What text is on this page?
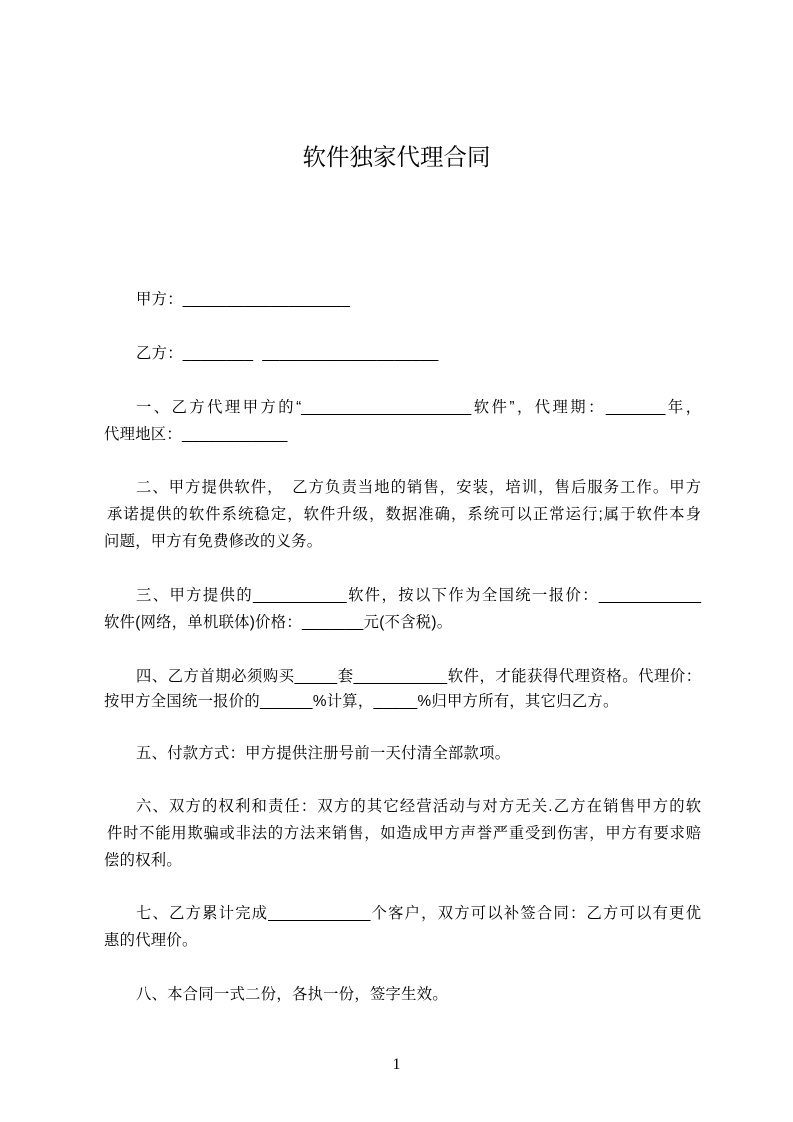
软件独家代理合同
甲方：___________________
乙方：________  ____________________
一、乙方代理甲方的“____________________软件”，代理期：_______年，
代理地区：____________
二、甲方提供软件，　乙方负责当地的销售，安装，培训，售后服务工作。甲方
承诺提供的软件系统稳定，软件升级，数据准确，系统可以正常运行;属于软件本身
问题，甲方有免费修改的义务。
三、甲方提供的___________软件，按以下作为全国统一报价：____________
软件(网络，单机联体)价格：_______元(不含税)。
四、乙方首期必须购买_____套___________软件，才能获得代理资格。代理价：
按甲方全国统一报价的______%计算，_____%归甲方所有，其它归乙方。
五、付款方式：甲方提供注册号前一天付清全部款项。
六、双方的权利和责任：双方的其它经营活动与对方无关.乙方在销售甲方的软
件时不能用欺骗或非法的方法来销售，如造成甲方声誉严重受到伤害，甲方有要求赔
偿的权利。
七、乙方累计完成____________个客户，双方可以补签合同：乙方可以有更优
惠的代理价。
八、本合同一式二份，各执一份，签字生效。
1
